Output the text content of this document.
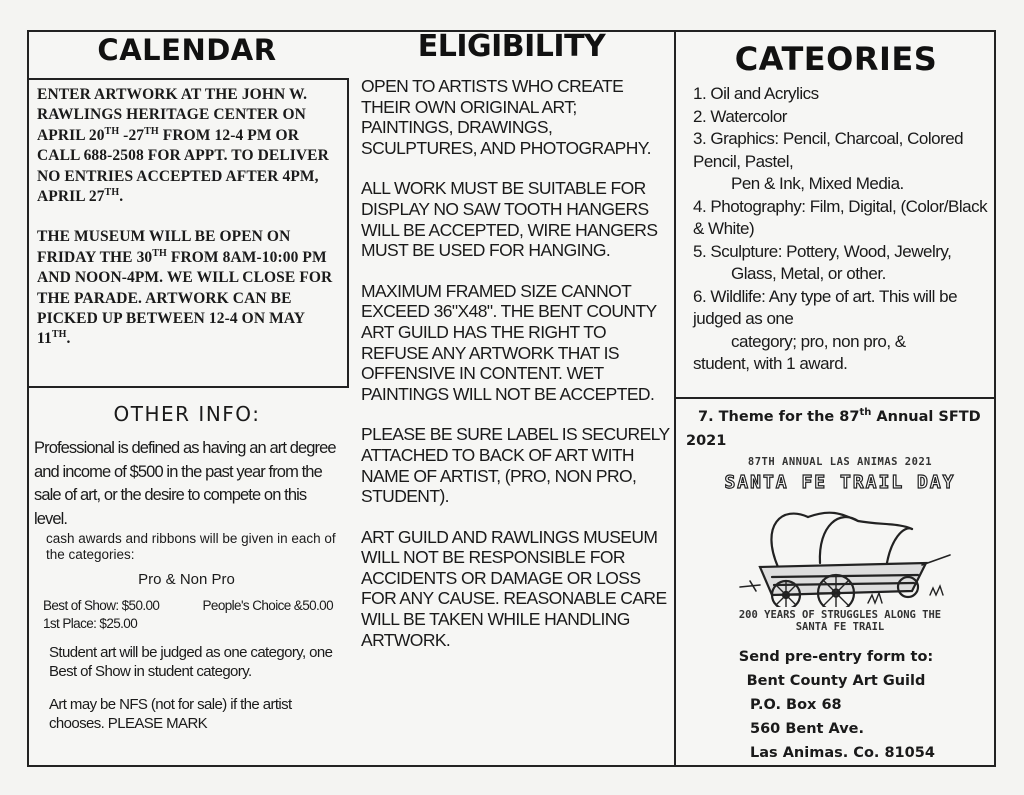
CALENDAR

ENTER ARTWORK AT THE JOHN W. RAWLINGS HERITAGE CENTER ON APRIL 20TH -27TH FROM 12-4 PM OR CALL 688-2508 FOR APPT. TO DELIVER NO ENTRIES ACCEPTED AFTER 4PM, APRIL 27TH.

THE MUSEUM WILL BE OPEN ON FRIDAY THE 30TH FROM 8AM-10:00 PM AND NOON-4PM. WE WILL CLOSE FOR THE PARADE. ARTWORK CAN BE PICKED UP BETWEEN 12-4 ON MAY 11TH.

OTHER INFO:

Professional is defined as having an art degree and income of $500 in the past year from the sale of art, or the desire to compete on this level.

cash awards and ribbons will be given in each of the categories:

Pro & Non Pro

Best of Show: $50.00	People's Choice &50.00

1st Place: $25.00

Student art will be judged as one category, one Best of Show in student category.

Art may be NFS (not for sale) if the artist chooses. PLEASE MARK

ELIGIBILITY

OPEN TO ARTISTS WHO CREATE THEIR OWN ORIGINAL ART; PAINTINGS, DRAWINGS, SCULPTURES, AND PHOTOGRAPHY.

ALL WORK MUST BE SUITABLE FOR DISPLAY NO SAW TOOTH HANGERS WILL BE ACCEPTED, WIRE HANGERS MUST BE USED FOR HANGING.

MAXIMUM FRAMED SIZE CANNOT EXCEED 36"X48". THE BENT COUNTY ART GUILD HAS THE RIGHT TO REFUSE ANY ARTWORK THAT IS OFFENSIVE IN CONTENT. WET PAINTINGS WILL NOT BE ACCEPTED.

PLEASE BE SURE LABEL IS SECURELY ATTACHED TO BACK OF ART WITH NAME OF ARTIST, (PRO, NON PRO, STUDENT).

ART GUILD AND RAWLINGS MUSEUM WILL NOT BE RESPONSIBLE FOR ACCIDENTS OR DAMAGE OR LOSS FOR ANY CAUSE. REASONABLE CARE WILL BE TAKEN WHILE HANDLING ARTWORK.

CATEORIES

1. Oil and Acrylics

2. Watercolor

3. Graphics: Pencil, Charcoal, Colored Pencil, Pastel,

Pen & Ink, Mixed Media.

4. Photography: Film, Digital, (Color/Black & White)

5. Sculpture: Pottery, Wood, Jewelry,

Glass, Metal, or other.

6. Wildlife: Any type of art. This will be judged as one

category; pro, non pro, &

student, with 1 award.

7. Theme for the 87th Annual SFTD 2021

87TH ANNUAL LAS ANIMAS 2021
SANTA FE TRAIL DAY
200 YEARS OF STRUGGLES ALONG THE
SANTA FE TRAIL

Send pre-entry form to:

Bent County Art Guild

P.O. Box 68

560 Bent Ave.

Las Animas. Co. 81054
